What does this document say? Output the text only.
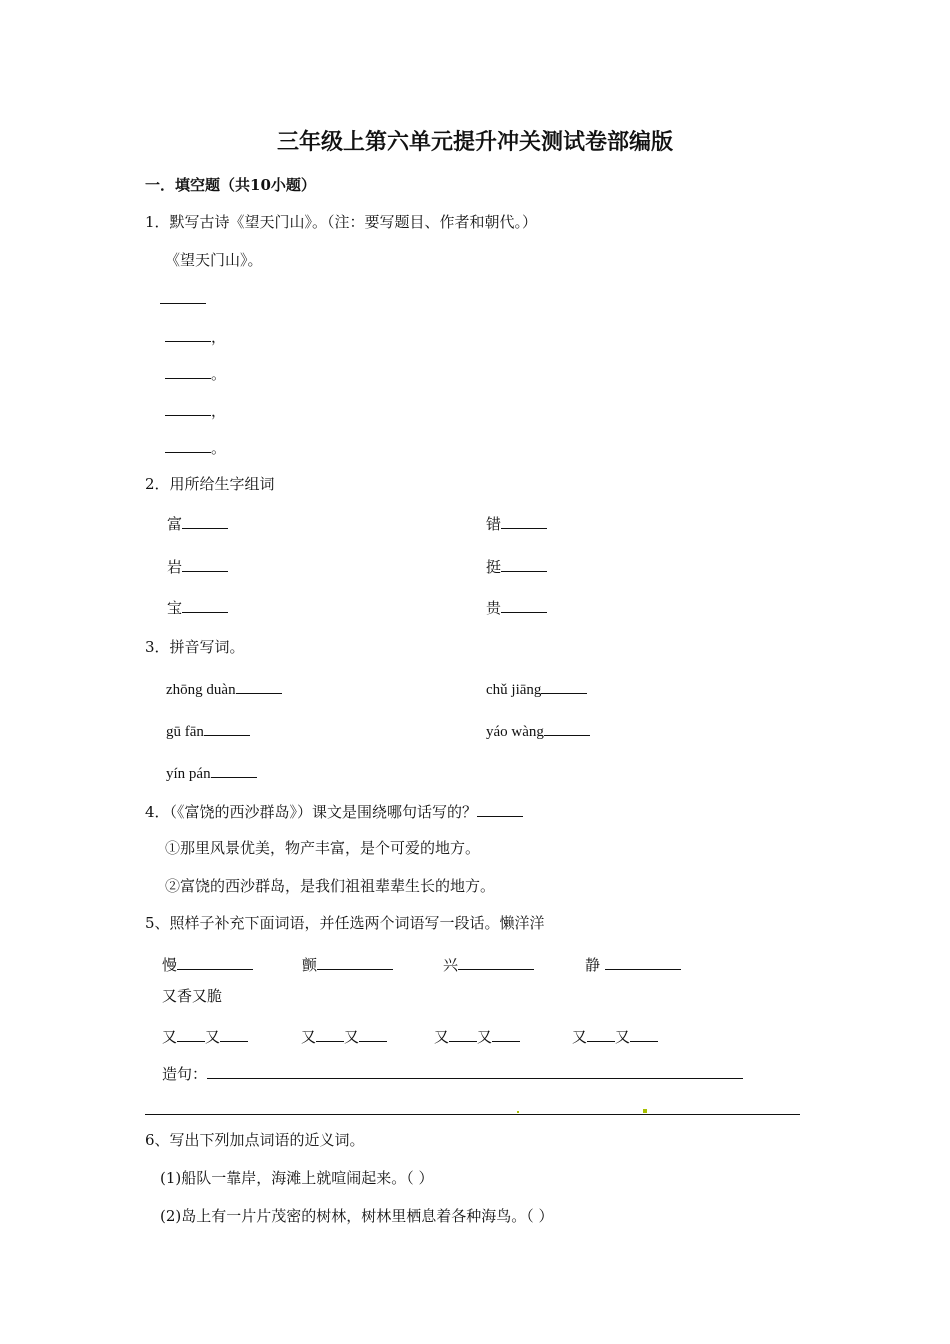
三年级上第六单元提升冲关测试卷部编版
一．填空题（共10小题）
1．默写古诗《望天门山》。（注：要写题目、作者和朝代。）
《望天门山》。
，
。
，
。
2．用所给生字组词
富	错
岩	挺
宝	贵
3．拼音写词。
zhōng duàn	chǔ jiāng
gū fān	yáo wàng
yín pán
4．（《富饶的西沙群岛》）课文是围绕哪句话写的？
①那里风景优美，物产丰富，是个可爱的地方。
②富饶的西沙群岛，是我们祖祖辈辈生长的地方。
5、照样子补充下面词语，并任选两个词语写一段话。懒洋洋
慢	颤	兴	静
又香又脆
又 又	又 又	又 又	又 又
造句：
6、写出下列加点词语的近义词。
(1)船队一靠岸，海滩上就喧闹起来。（ ）
(2)岛上有一片片茂密的树林，树林里栖息着各种海鸟。（ ）
